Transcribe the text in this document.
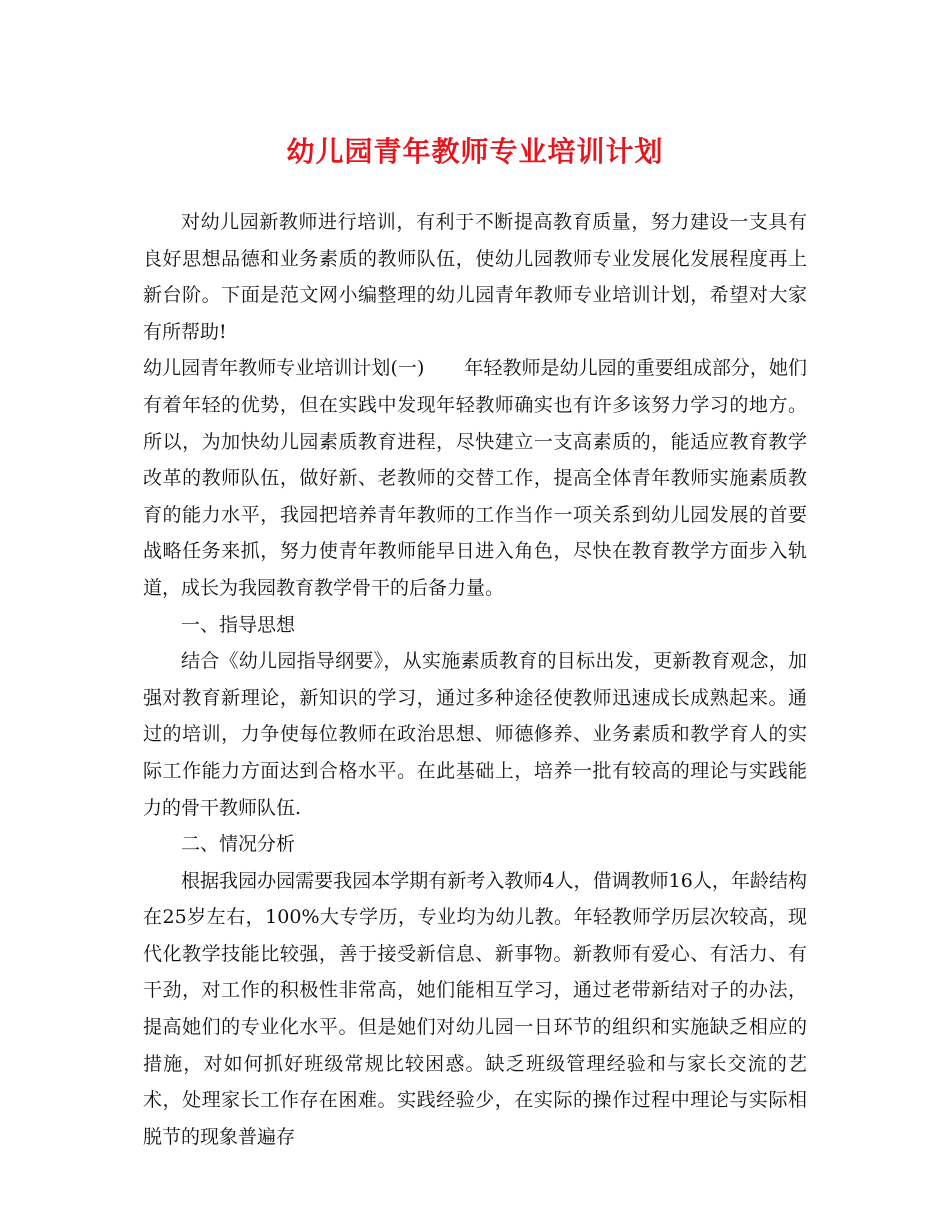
幼儿园青年教师专业培训计划

对幼儿园新教师进行培训，有利于不断提高教育质量，努力建设一支具有良好思想品德和业务素质的教师队伍，使幼儿园教师专业发展化发展程度再上新台阶。下面是范文网小编整理的幼儿园青年教师专业培训计划，希望对大家有所帮助!

幼儿园青年教师专业培训计划(一) 年轻教师是幼儿园的重要组成部分，她们有着年轻的优势，但在实践中发现年轻教师确实也有许多该努力学习的地方。所以，为加快幼儿园素质教育进程，尽快建立一支高素质的，能适应教育教学改革的教师队伍，做好新、老教师的交替工作，提高全体青年教师实施素质教育的能力水平，我园把培养青年教师的工作当作一项关系到幼儿园发展的首要战略任务来抓，努力使青年教师能早日进入角色，尽快在教育教学方面步入轨道，成长为我园教育教学骨干的后备力量。

一、指导思想

结合《幼儿园指导纲要》，从实施素质教育的目标出发，更新教育观念，加强对教育新理论，新知识的学习，通过多种途径使教师迅速成长成熟起来。通过的培训，力争使每位教师在政治思想、师德修养、业务素质和教学育人的实际工作能力方面达到合格水平。在此基础上，培养一批有较高的理论与实践能力的骨干教师队伍.

二、情况分析

根据我园办园需要我园本学期有新考入教师4人，借调教师16人，年龄结构在25岁左右，100%大专学历，专业均为幼儿教。年轻教师学历层次较高，现代化教学技能比较强，善于接受新信息、新事物。新教师有爱心、有活力、有干劲，对工作的积极性非常高，她们能相互学习，通过老带新结对子的办法，提高她们的专业化水平。但是她们对幼儿园一日环节的组织和实施缺乏相应的措施，对如何抓好班级常规比较困惑。缺乏班级管理经验和与家长交流的艺术，处理家长工作存在困难。实践经验少，在实际的操作过程中理论与实际相脱节的现象普遍存
